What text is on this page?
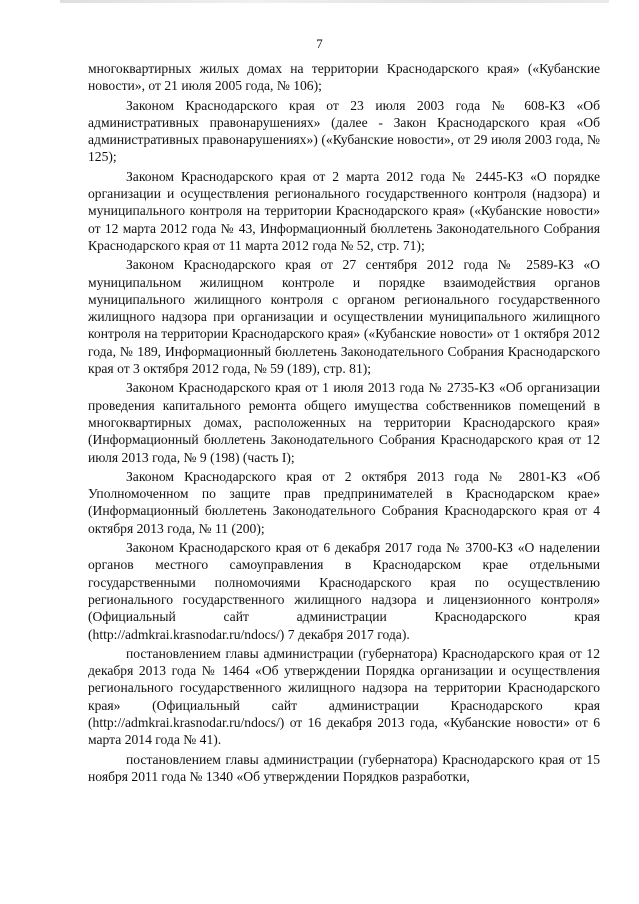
7

многоквартирных жилых домах на территории Краснодарского края» («Кубанские новости», от 21 июля 2005 года, № 106);

Законом Краснодарского края от 23 июля 2003 года № 608-КЗ «Об административных правонарушениях» (далее - Закон Краснодарского края «Об административных правонарушениях») («Кубанские новости», от 29 июля 2003 года, № 125);

Законом Краснодарского края от 2 марта 2012 года № 2445-КЗ «О порядке организации и осуществления регионального государственного контроля (надзора) и муниципального контроля на территории Краснодарского края» («Кубанские новости» от 12 марта 2012 года № 43, Информационный бюллетень Законодательного Собрания Краснодарского края от 11 марта 2012 года № 52, стр. 71);

Законом Краснодарского края от 27 сентября 2012 года № 2589-КЗ «О муниципальном жилищном контроле и порядке взаимодействия органов муниципального жилищного контроля с органом регионального государственного жилищного надзора при организации и осуществлении муниципального жилищного контроля на территории Краснодарского края» («Кубанские новости» от 1 октября 2012 года, № 189, Информационный бюллетень Законодательного Собрания Краснодарского края от 3 октября 2012 года, № 59 (189), стр. 81);

Законом Краснодарского края от 1 июля 2013 года № 2735-КЗ «Об организации проведения капитального ремонта общего имущества собственников помещений в многоквартирных домах, расположенных на территории Краснодарского края» (Информационный бюллетень Законодательного Собрания Краснодарского края от 12 июля 2013 года, № 9 (198) (часть I);

Законом Краснодарского края от 2 октября 2013 года № 2801-КЗ «Об Уполномоченном по защите прав предпринимателей в Краснодарском крае» (Информационный бюллетень Законодательного Собрания Краснодарского края от 4 октября 2013 года, № 11 (200);

Законом Краснодарского края от 6 декабря 2017 года № 3700-КЗ «О наделении органов местного самоуправления в Краснодарском крае отдельными государственными полномочиями Краснодарского края по осуществлению регионального государственного жилищного надзора и лицензионного контроля» (Официальный сайт администрации Краснодарского края (http://admkrai.krasnodar.ru/ndocs/) 7 декабря 2017 года).

постановлением главы администрации (губернатора) Краснодарского края от 12 декабря 2013 года № 1464 «Об утверждении Порядка организации и осуществления регионального государственного жилищного надзора на территории Краснодарского края» (Официальный сайт администрации Краснодарского края (http://admkrai.krasnodar.ru/ndocs/) от 16 декабря 2013 года, «Кубанские новости» от 6 марта 2014 года № 41).

постановлением главы администрации (губернатора) Краснодарского края от 15 ноября 2011 года № 1340 «Об утверждении Порядков разработки,
